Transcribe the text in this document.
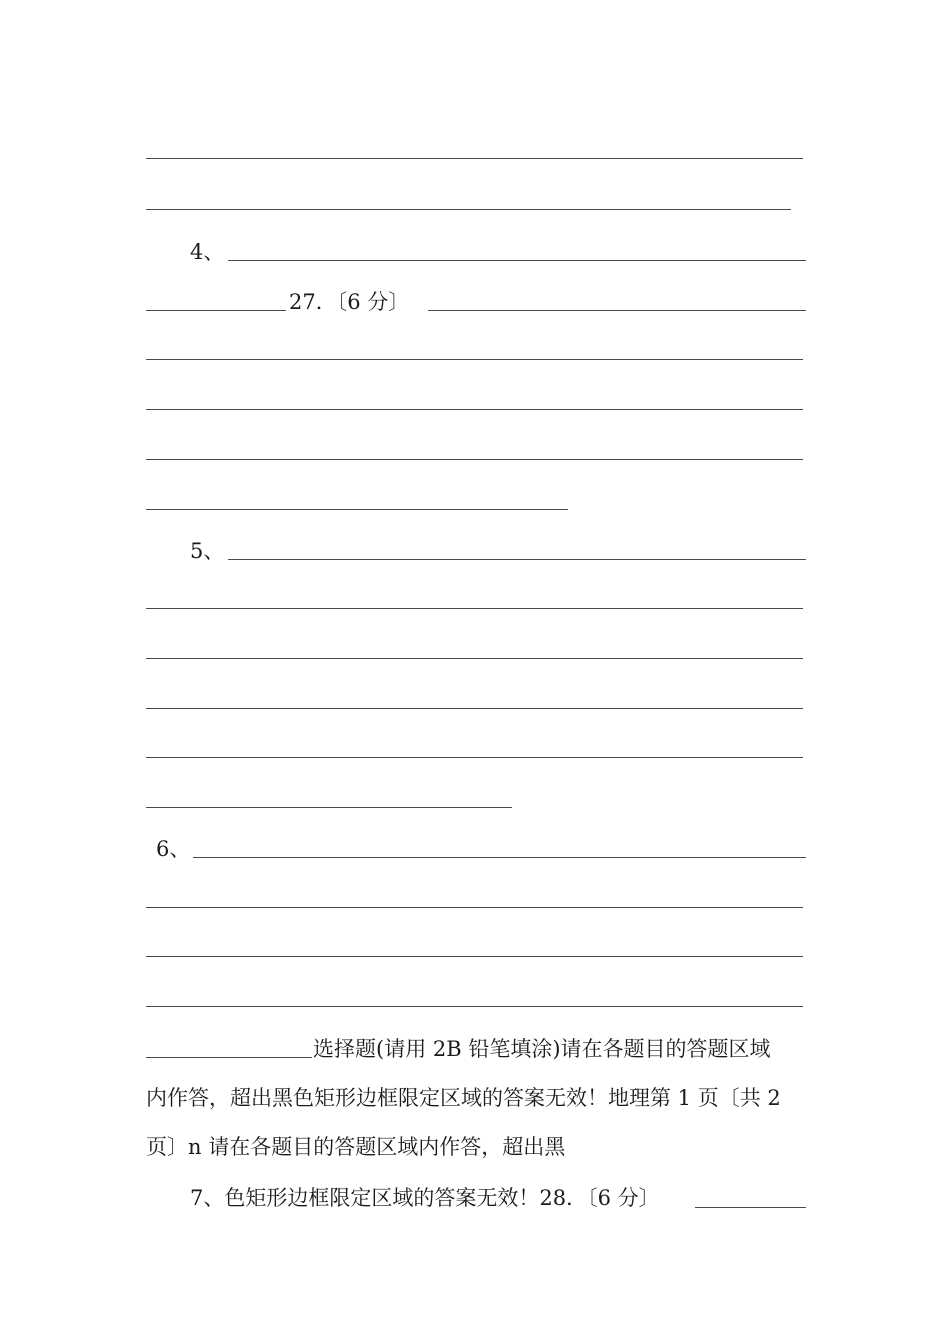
4、
27．〔6 分〕
5、
6、
选择题(请用 2B 铅笔填涂)请在各题目的答题区域
内作答，超出黑色矩形边框限定区域的答案无效！地理第 1 页〔共 2
页〕n 请在各题目的答题区域内作答，超出黑
7、色矩形边框限定区域的答案无效！28．〔6 分〕
